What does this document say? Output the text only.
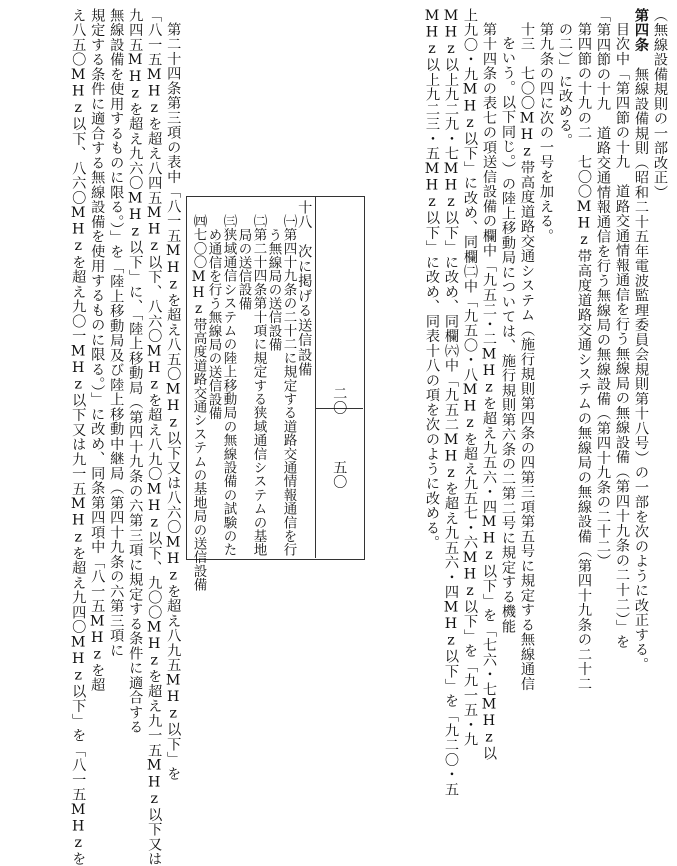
（無線設備規則の一部改正）
第四条　無線設備規則（昭和二十五年電波監理委員会規則第十八号）の一部を次のように改正する。
目次中「第四節の十九　道路交通情報通信を行う無線局の無線設備（第四十九条の二十二）」を
「第四節の十九　道路交通情報通信を行う無線局の無線設備（第四十九条の二十二）
第四節の十九の二　七〇〇MHz帯高度道路交通システムの無線局の無線設備（第四十九条の二十二
の二）」に改める。
第九条の四に次の一号を加える。
十三　七〇〇MHz帯高度道路交通システム（施行規則第四条の四第三項第五号に規定する無線通信
をいう。以下同じ。）の陸上移動局については、施行規則第六条の二第二号に規定する機能
第十四条の表七の項送信設備の欄中「九五二・二MHzを超え九五六・四MHz以下」を「七六・七MHz以
上九〇・九MHz以下」に改め、同欄㈡中「九五〇・八MHzを超え九五七・六MHz以下」を「九一五・九
MHz以上九二九・七MHz以下」に改め、同欄㈥中「九五二MHzを超え九五六・四MHz以下」を「九二〇・五
MHz以上九二三・五MHz以下」に改め、同表十八の項を次のように改める。
十八　次に掲げる送信設備
㈠第四十九条の二十二に規定する道路交通情報通信を行
う無線局の送信設備
㈡第二十四条第十項に規定する狭域通信システムの基地
局の送信設備
㈢狭域通信システムの陸上移動局の無線設備の試験のた	二〇
五〇
第二十四条第三項の表中「八一五MHzを超え八五〇MHz以下又は八六〇MHzを超え八九五MHz以下」を
「八一五MHzを超え八四五MHz以下、八六〇MHzを超え八九〇MHz以下、九〇〇MHzを超え九一五MHz以下又は
九四五MHzを超え九六〇MHz以下」に、「陸上移動局（第四十九条の六第三項に規定する条件に適合する
無線設備を使用するものに限る。）」を「陸上移動局及び陸上移動中継局（第四十九条の六第三項に
規定する条件に適合する無線設備を使用するものに限る。）」に改め、同条第四項中「八一五MHzを超
え八五〇MHz以下、八六〇MHzを超え九〇一MHz以下又は九一五MHzを超え九四〇MHz以下」を「八一五MHzを	め通信を行う無線局の送信設備
㈣七〇〇MHz帯高度道路交通システムの基地局の送信設備
